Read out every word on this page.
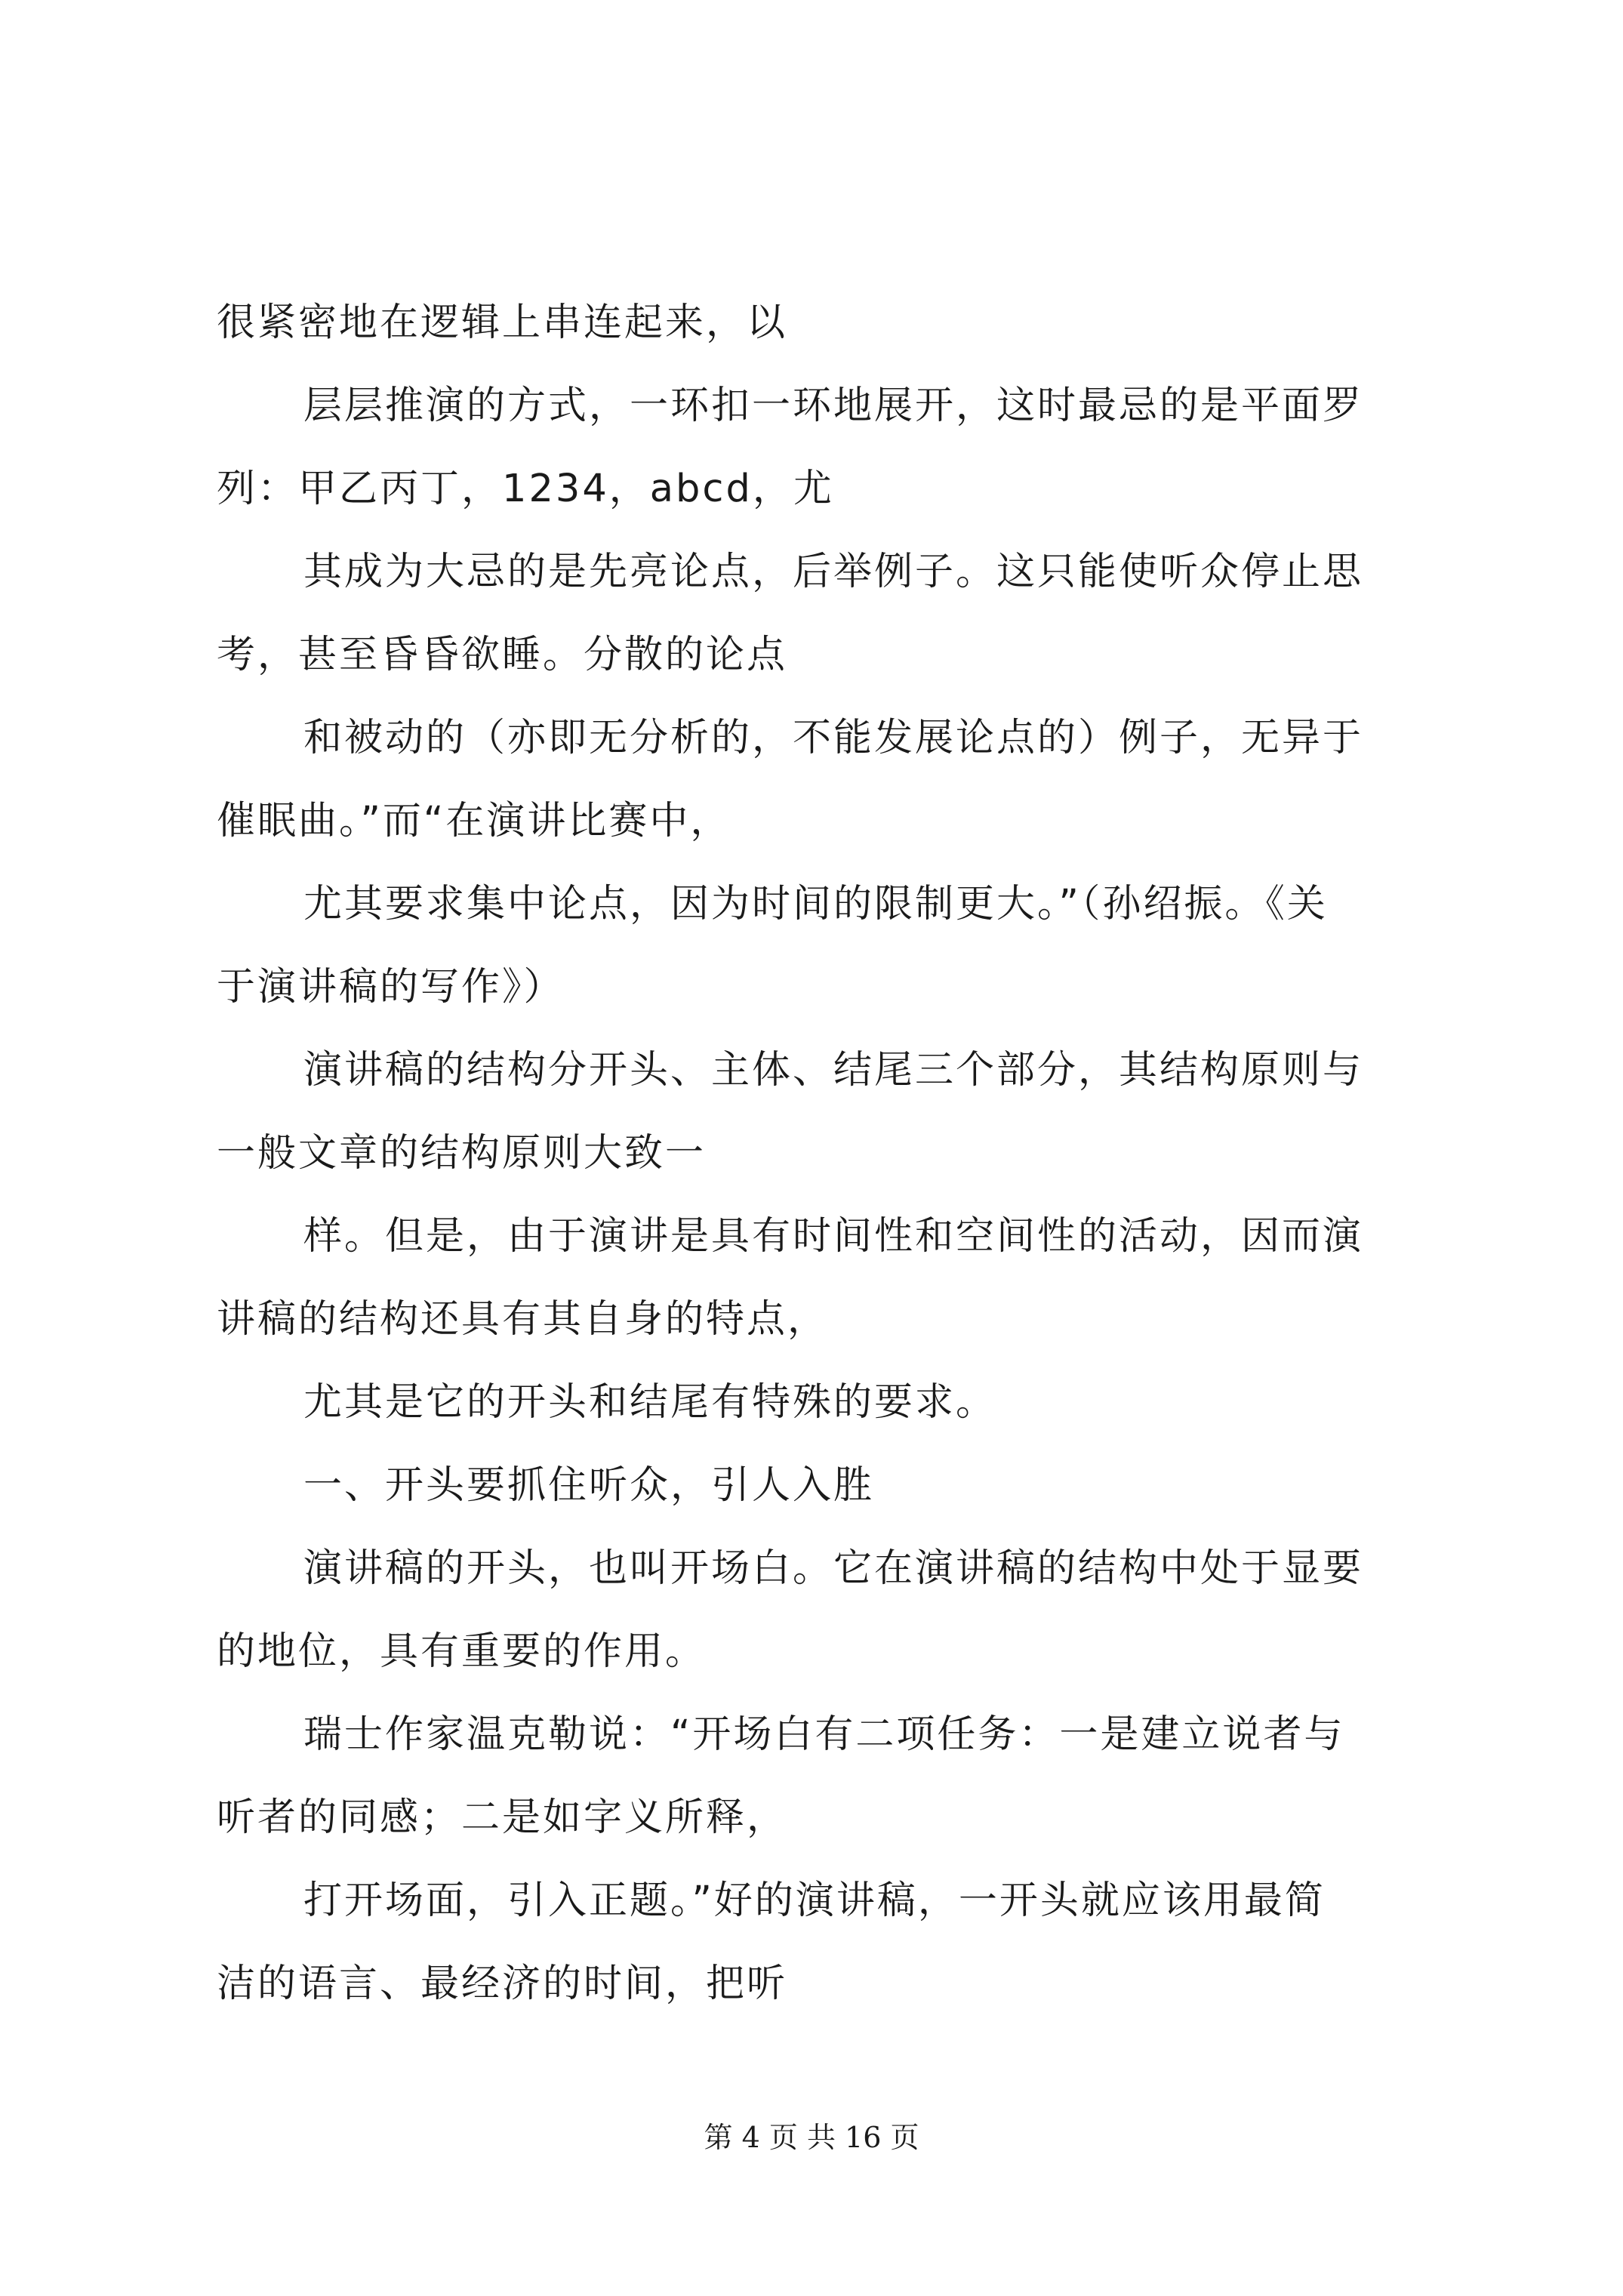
很紧密地在逻辑上串连起来，以
层层推演的方式，一环扣一环地展开，这时最忌的是平面罗
列：甲乙丙丁，1234，abcd，尤
其成为大忌的是先亮论点，后举例子。这只能使听众停止思
考，甚至昏昏欲睡。分散的论点
和被动的（亦即无分析的，不能发展论点的）例子，无异于
催眠曲。”而“在演讲比赛中，
尤其要求集中论点，因为时间的限制更大。”（孙绍振。《关
于演讲稿的写作》）
演讲稿的结构分开头、主体、结尾三个部分，其结构原则与
一般文章的结构原则大致一
样。但是，由于演讲是具有时间性和空间性的活动，因而演
讲稿的结构还具有其自身的特点，
尤其是它的开头和结尾有特殊的要求。
一、开头要抓住听众，引人入胜
演讲稿的开头，也叫开场白。它在演讲稿的结构中处于显要
的地位，具有重要的作用。
瑞士作家温克勒说：“开场白有二项任务：一是建立说者与
听者的同感；二是如字义所释，
打开场面，引入正题。”好的演讲稿，一开头就应该用最简
洁的语言、最经济的时间，把听
第 4 页 共 16 页
